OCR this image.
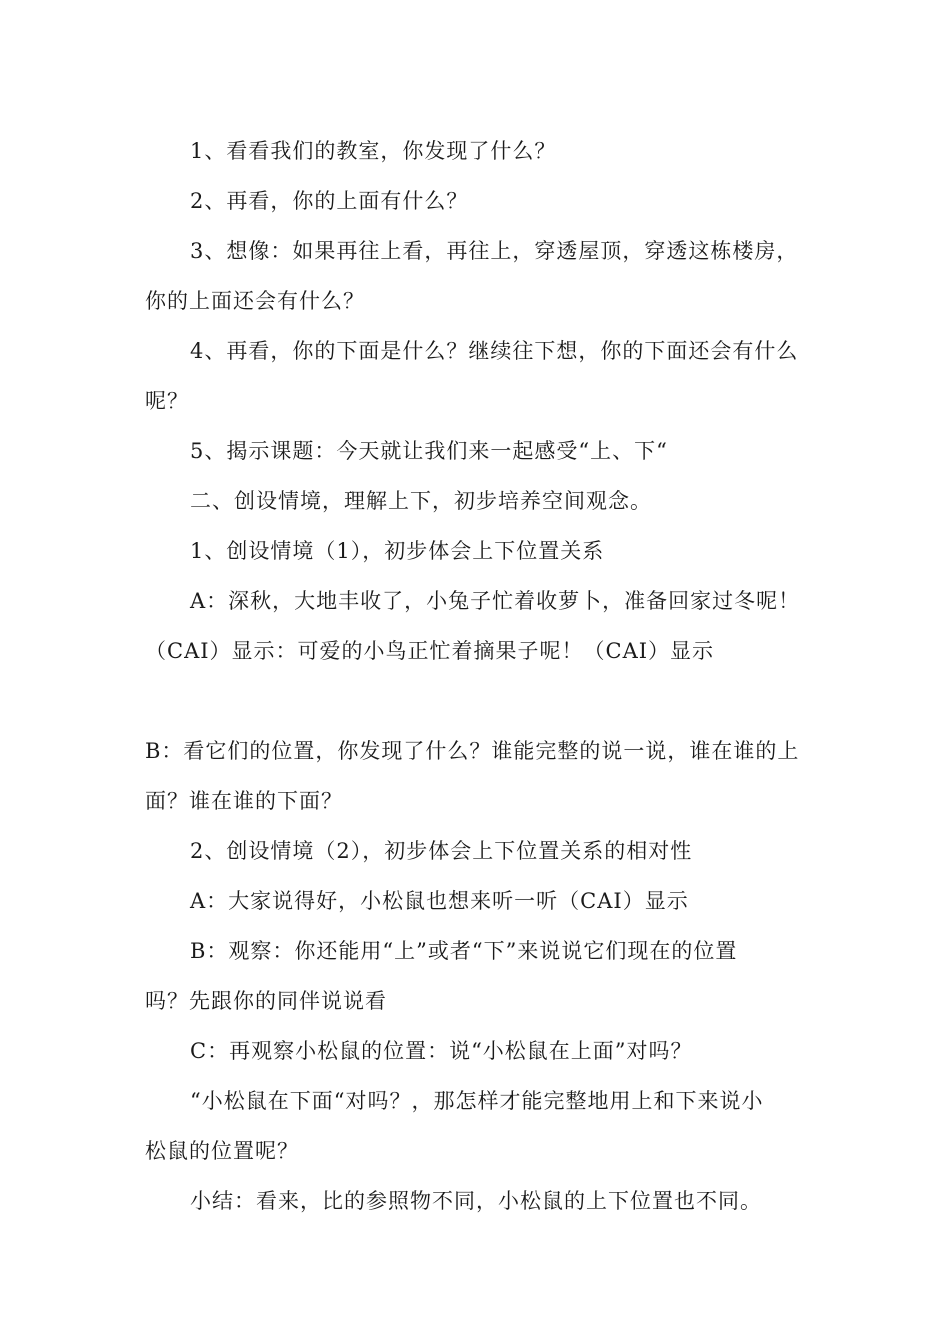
1、看看我们的教室，你发现了什么？
2、再看，你的上面有什么？
3、想像：如果再往上看，再往上，穿透屋顶，穿透这栋楼房，
你的上面还会有什么？
4、再看，你的下面是什么？继续往下想，你的下面还会有什么
呢？
5、揭示课题：今天就让我们来一起感受“上、下“
二、创设情境，理解上下，初步培养空间观念。
1、创设情境（1），初步体会上下位置关系
A：深秋，大地丰收了，小兔子忙着收萝卜，准备回家过冬呢！
（CAI）显示：可爱的小鸟正忙着摘果子呢！（CAI）显示
B：看它们的位置，你发现了什么？谁能完整的说一说，谁在谁的上
面？谁在谁的下面？
2、创设情境（2），初步体会上下位置关系的相对性
A：大家说得好，小松鼠也想来听一听（CAI）显示
B：观察：你还能用“上”或者“下”来说说它们现在的位置
吗？先跟你的同伴说说看
C：再观察小松鼠的位置：说“小松鼠在上面”对吗？
“小松鼠在下面“对吗？，那怎样才能完整地用上和下来说小
松鼠的位置呢？
小结：看来，比的参照物不同，小松鼠的上下位置也不同。
